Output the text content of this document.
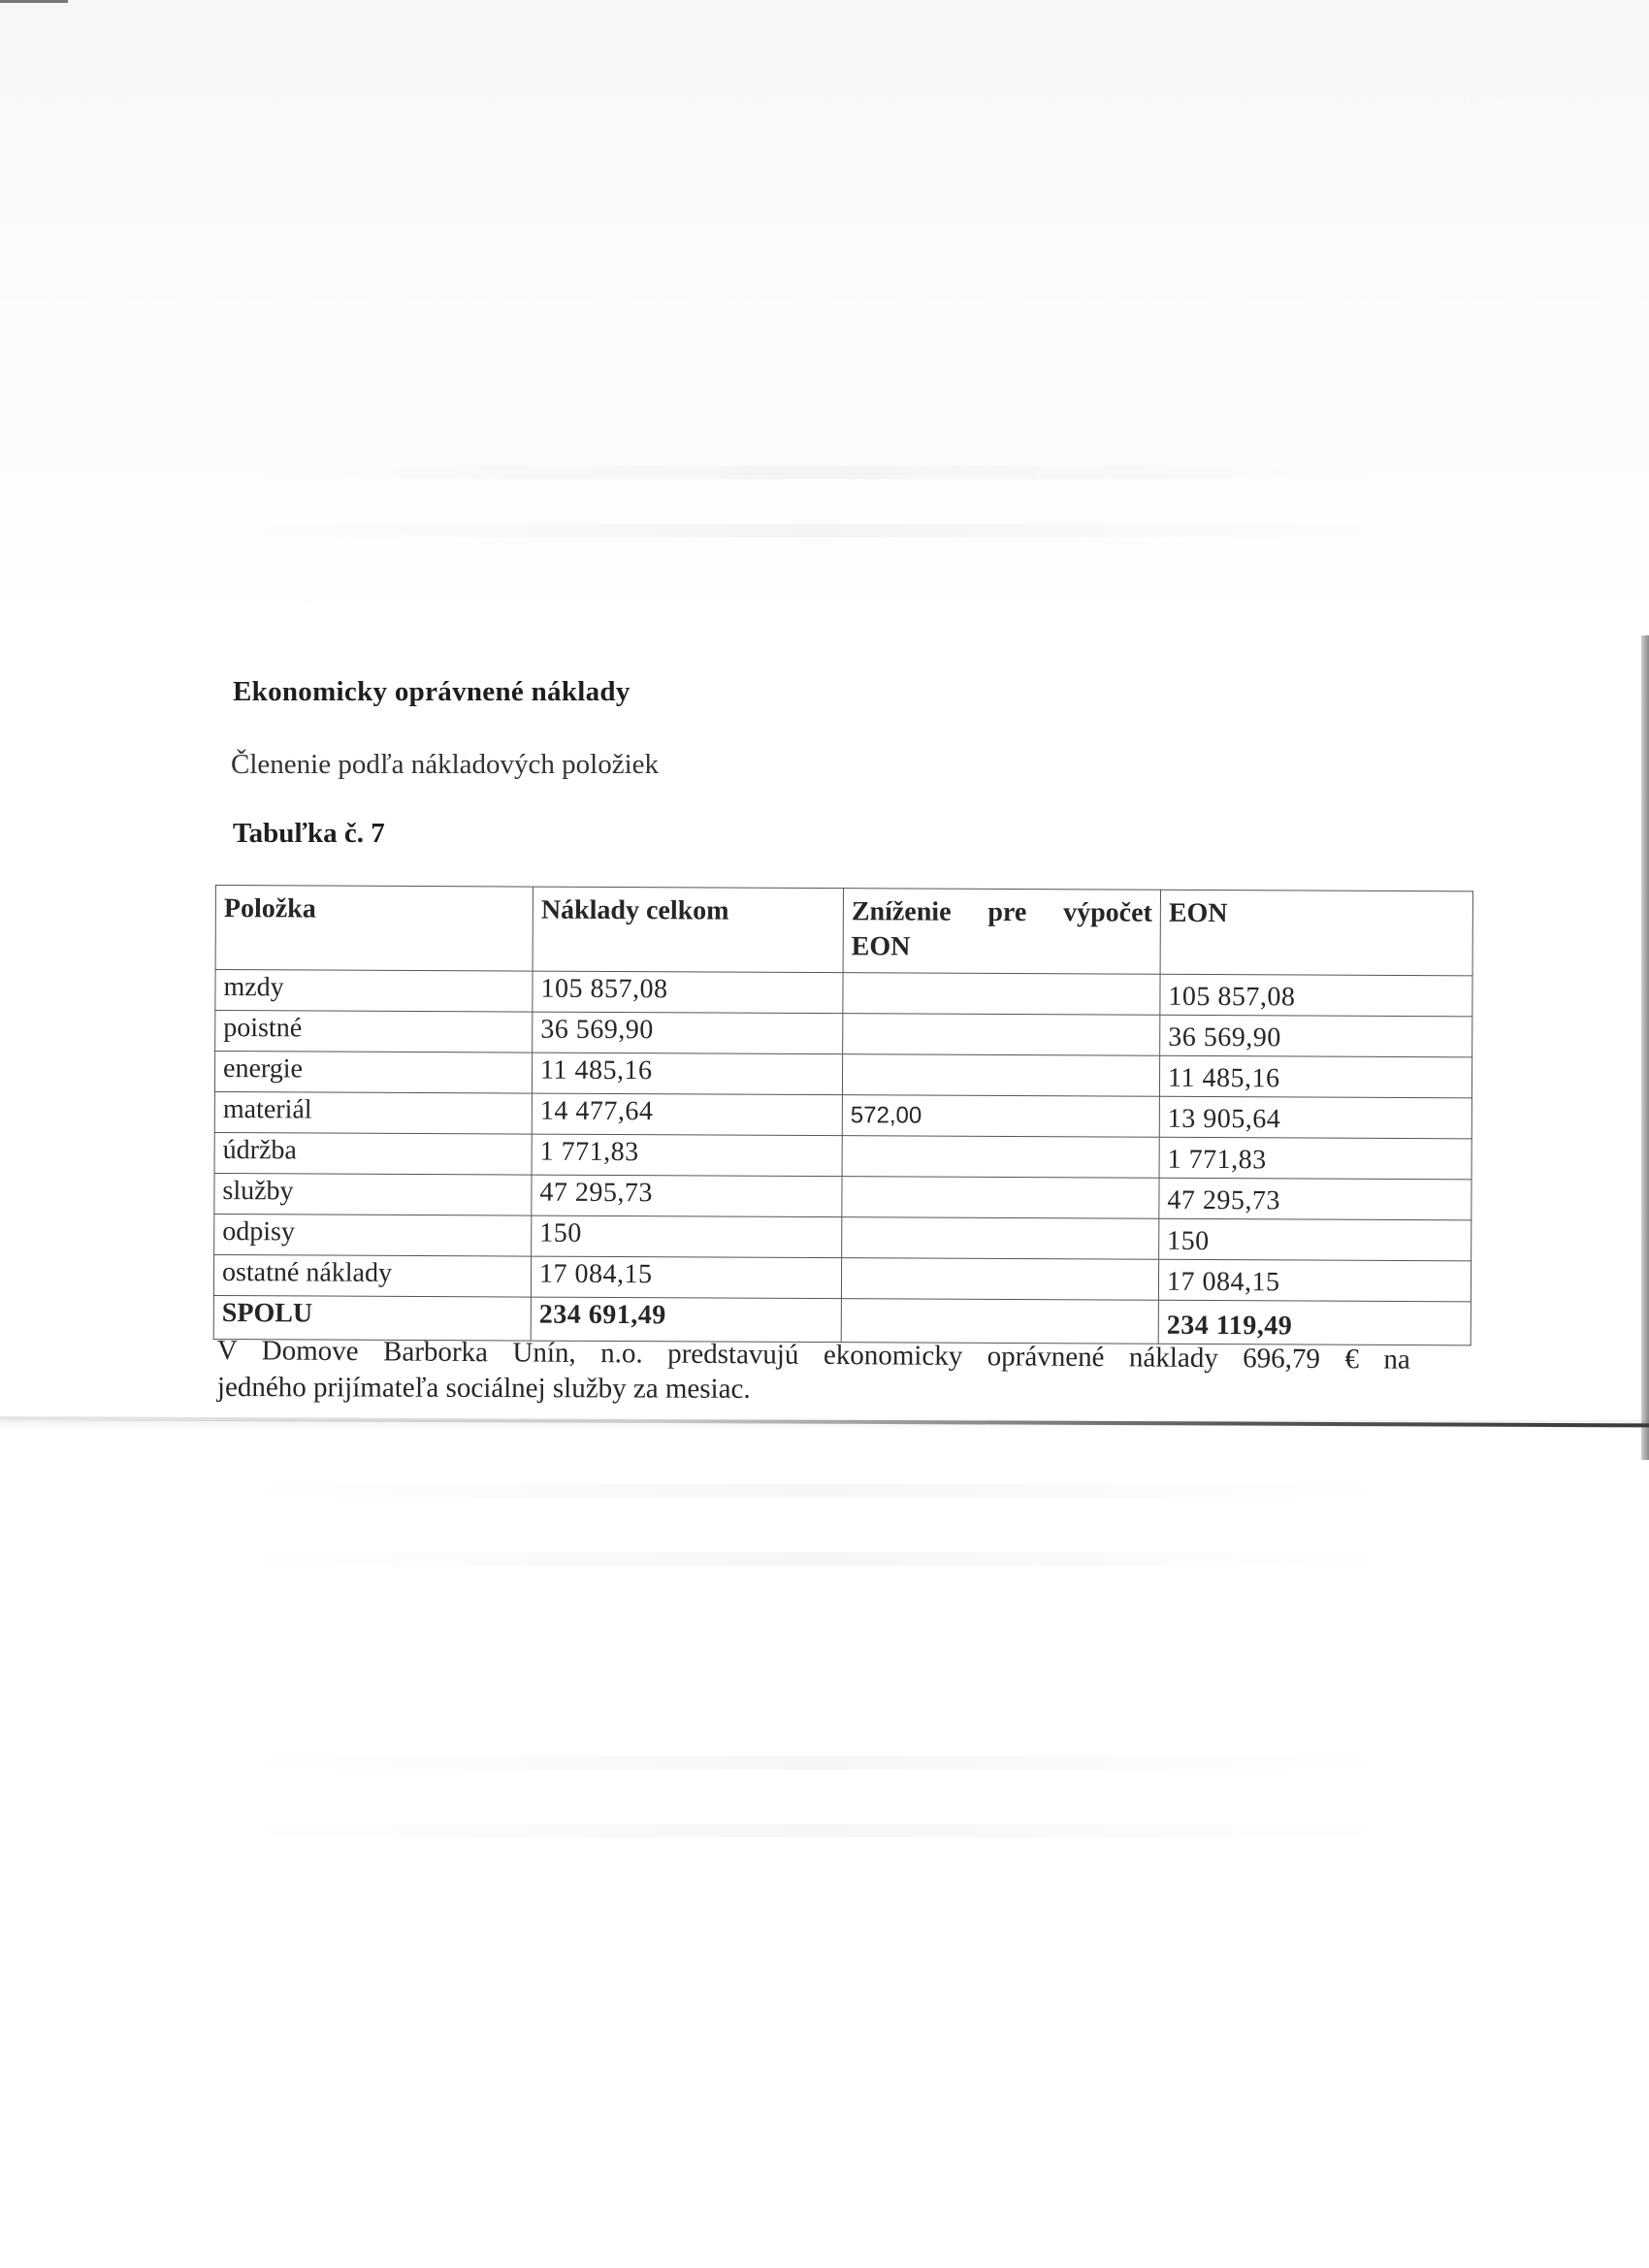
Ekonomicky oprávnené náklady
Členenie podľa nákladových položiek
Tabuľka č. 7
Položka	Náklady celkom	Zníženie pre výpočet EON	EON
mzdy	105 857,08		105 857,08
poistné	36 569,90		36 569,90
energie	11 485,16		11 485,16
materiál	14 477,64	572,00	13 905,64
údržba	1 771,83		1 771,83
služby	47 295,73		47 295,73
odpisy	150		150
ostatné náklady	17 084,15		17 084,15
SPOLU	234 691,49		234 119,49
V Domove Barborka Unín, n.o. predstavujú ekonomicky oprávnené náklady 696,79 € na
jedného prijímateľa sociálnej služby za mesiac.
